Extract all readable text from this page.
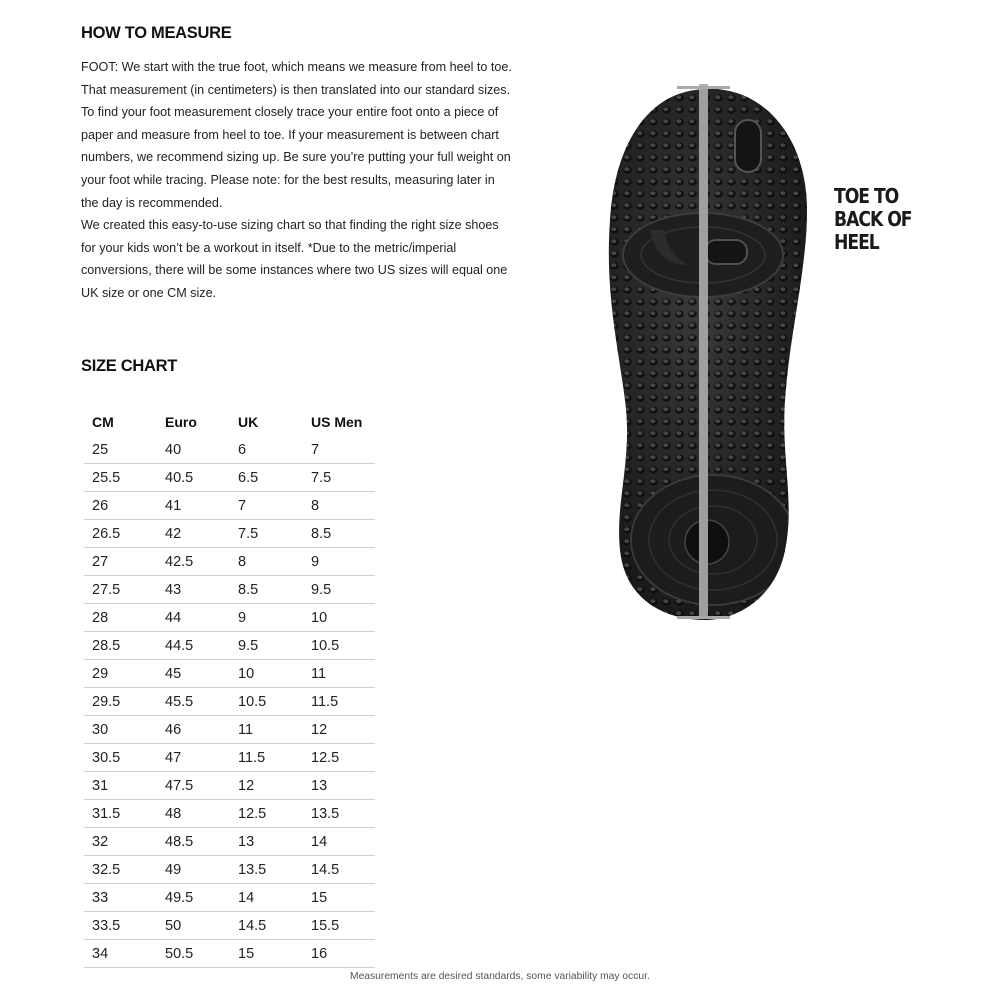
HOW TO MEASURE

FOOT: We start with the true foot, which means we measure from heel to toe. That measurement (in centimeters) is then translated into our standard sizes.

To find your foot measurement closely trace your entire foot onto a piece of paper and measure from heel to toe. If your measurement is between chart numbers, we recommend sizing up. Be sure you’re putting your full weight on your foot while tracing. Please note: for the best results, measuring later in the day is recommended.

We created this easy-to-use sizing chart so that finding the right size shoes for your kids won’t be a workout in itself. *Due to the metric/imperial conversions, there will be some instances where two US sizes will equal one UK size or one CM size.

SIZE CHART
CM	Euro	UK	US Men
25	40	6	7
25.5	40.5	6.5	7.5
26	41	7	8
26.5	42	7.5	8.5
27	42.5	8	9
27.5	43	8.5	9.5
28	44	9	10
28.5	44.5	9.5	10.5
29	45	10	11
29.5	45.5	10.5	11.5
30	46	11	12
30.5	47	11.5	12.5
31	47.5	12	13
31.5	48	12.5	13.5
32	48.5	13	14
32.5	49	13.5	14.5
33	49.5	14	15
33.5	50	14.5	15.5
34	50.5	15	16
TOE TO
BACK OF
HEEL
Measurements are desired standards, some variability may occur.
